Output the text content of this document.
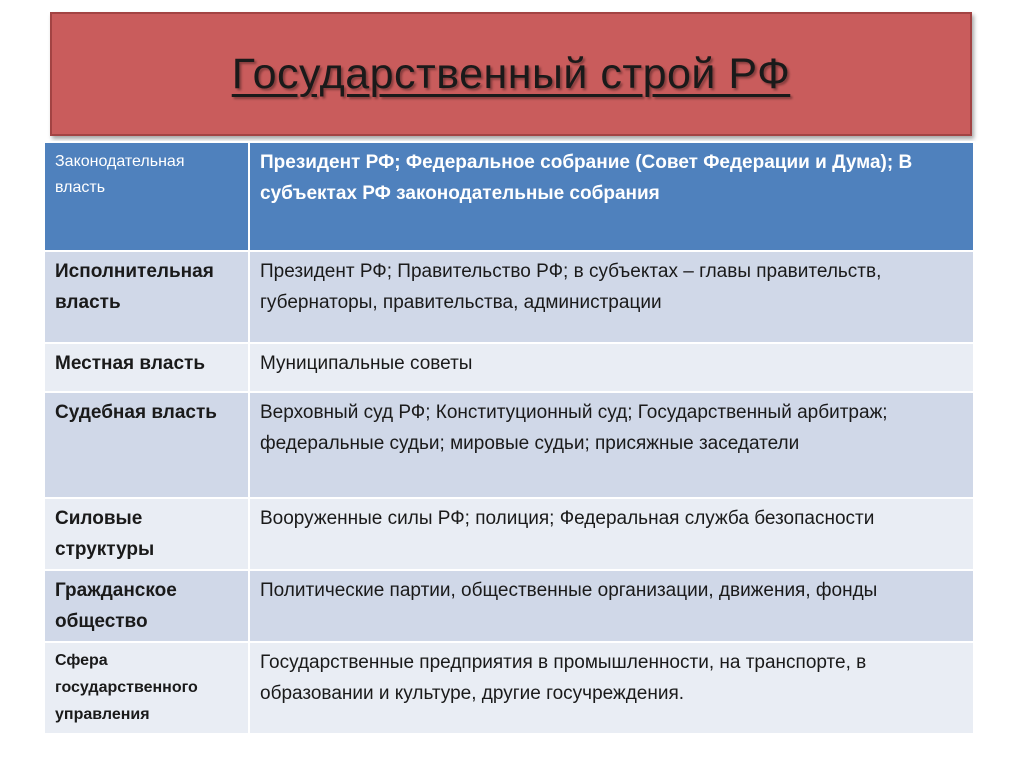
Государственный строй РФ
Законодательная власть	Президент РФ; Федеральное собрание (Совет Федерации и Дума); В субъектах РФ законодательные собрания
Исполнительная власть	Президент РФ; Правительство РФ; в субъектах – главы правительств, губернаторы, правительства, администрации
Местная власть	Муниципальные советы
Судебная власть	Верховный суд РФ; Конституционный суд; Государственный арбитраж; федеральные судьи; мировые судьи; присяжные заседатели
Силовые структуры	Вооруженные силы РФ; полиция; Федеральная служба безопасности
Гражданское общество	Политические партии, общественные организации, движения, фонды
Сфера государственного управления	Государственные предприятия в промышленности, на транспорте, в образовании и культуре, другие госучреждения.
